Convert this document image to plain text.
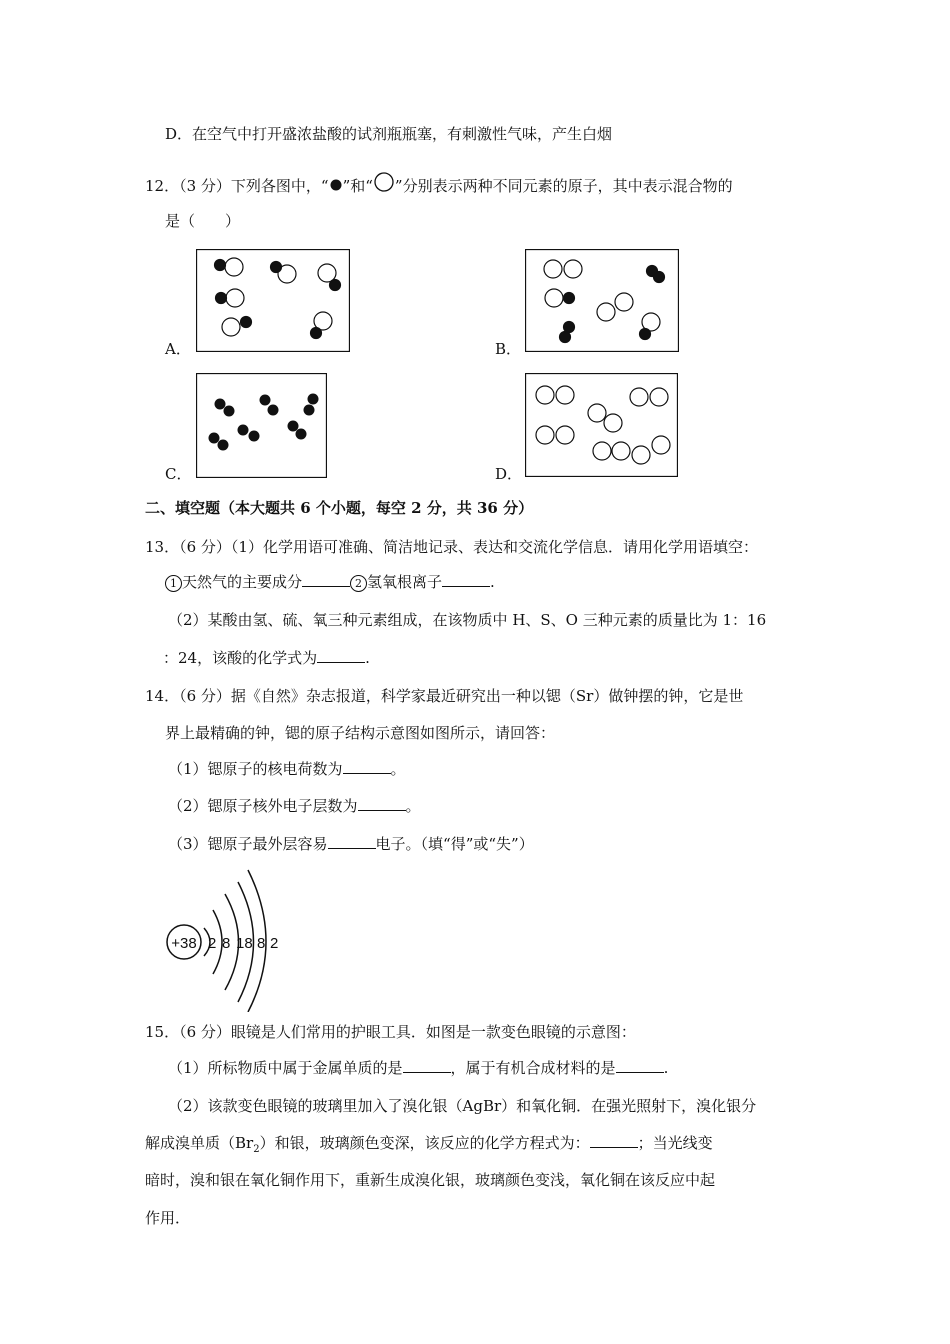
D．在空气中打开盛浓盐酸的试剂瓶瓶塞，有刺激性气味，产生白烟
12．（3 分）下列各图中，“ ”和“ ”分别表示两种不同元素的原子，其中表示混合物的
是（　　）
A．	B．
C．	D．
二、填空题（本大题共 6 个小题，每空 2 分，共 36 分）
13．（6 分）（1）化学用语可准确、简洁地记录、表达和交流化学信息．请用化学用语填空：
1 天然气的主要成分	2 氢氧根离子	.
（2）某酸由氢、硫、氧三种元素组成，在该物质中 H、S、O 三种元素的质量比为 1：16
：24，该酸的化学式为	.
14．（6 分）据《自然》杂志报道，科学家最近研究出一种以锶（Sr）做钟摆的钟，它是世
界上最精确的钟，锶的原子结构示意图如图所示，请回答：
（1）锶原子的核电荷数为	。
（2）锶原子核外电子层数为	。
（3）锶原子最外层容易	电子。（填“得”或“失”）
+38 2 8 18 8 2
15．（6 分）眼镜是人们常用的护眼工具．如图是一款变色眼镜的示意图：
（1）所标物质中属于金属单质的是	，属于有机合成材料的是	.
（2）该款变色眼镜的玻璃里加入了溴化银（AgBr）和氧化铜．在强光照射下，溴化银分
解成溴单质$(Br_2)$和银，玻璃颜色变深，该反应的化学方程式为：	；当光线变
暗时，溴和银在氧化铜作用下，重新生成溴化银，玻璃颜色变浅，氧化铜在该反应中起
作用．
